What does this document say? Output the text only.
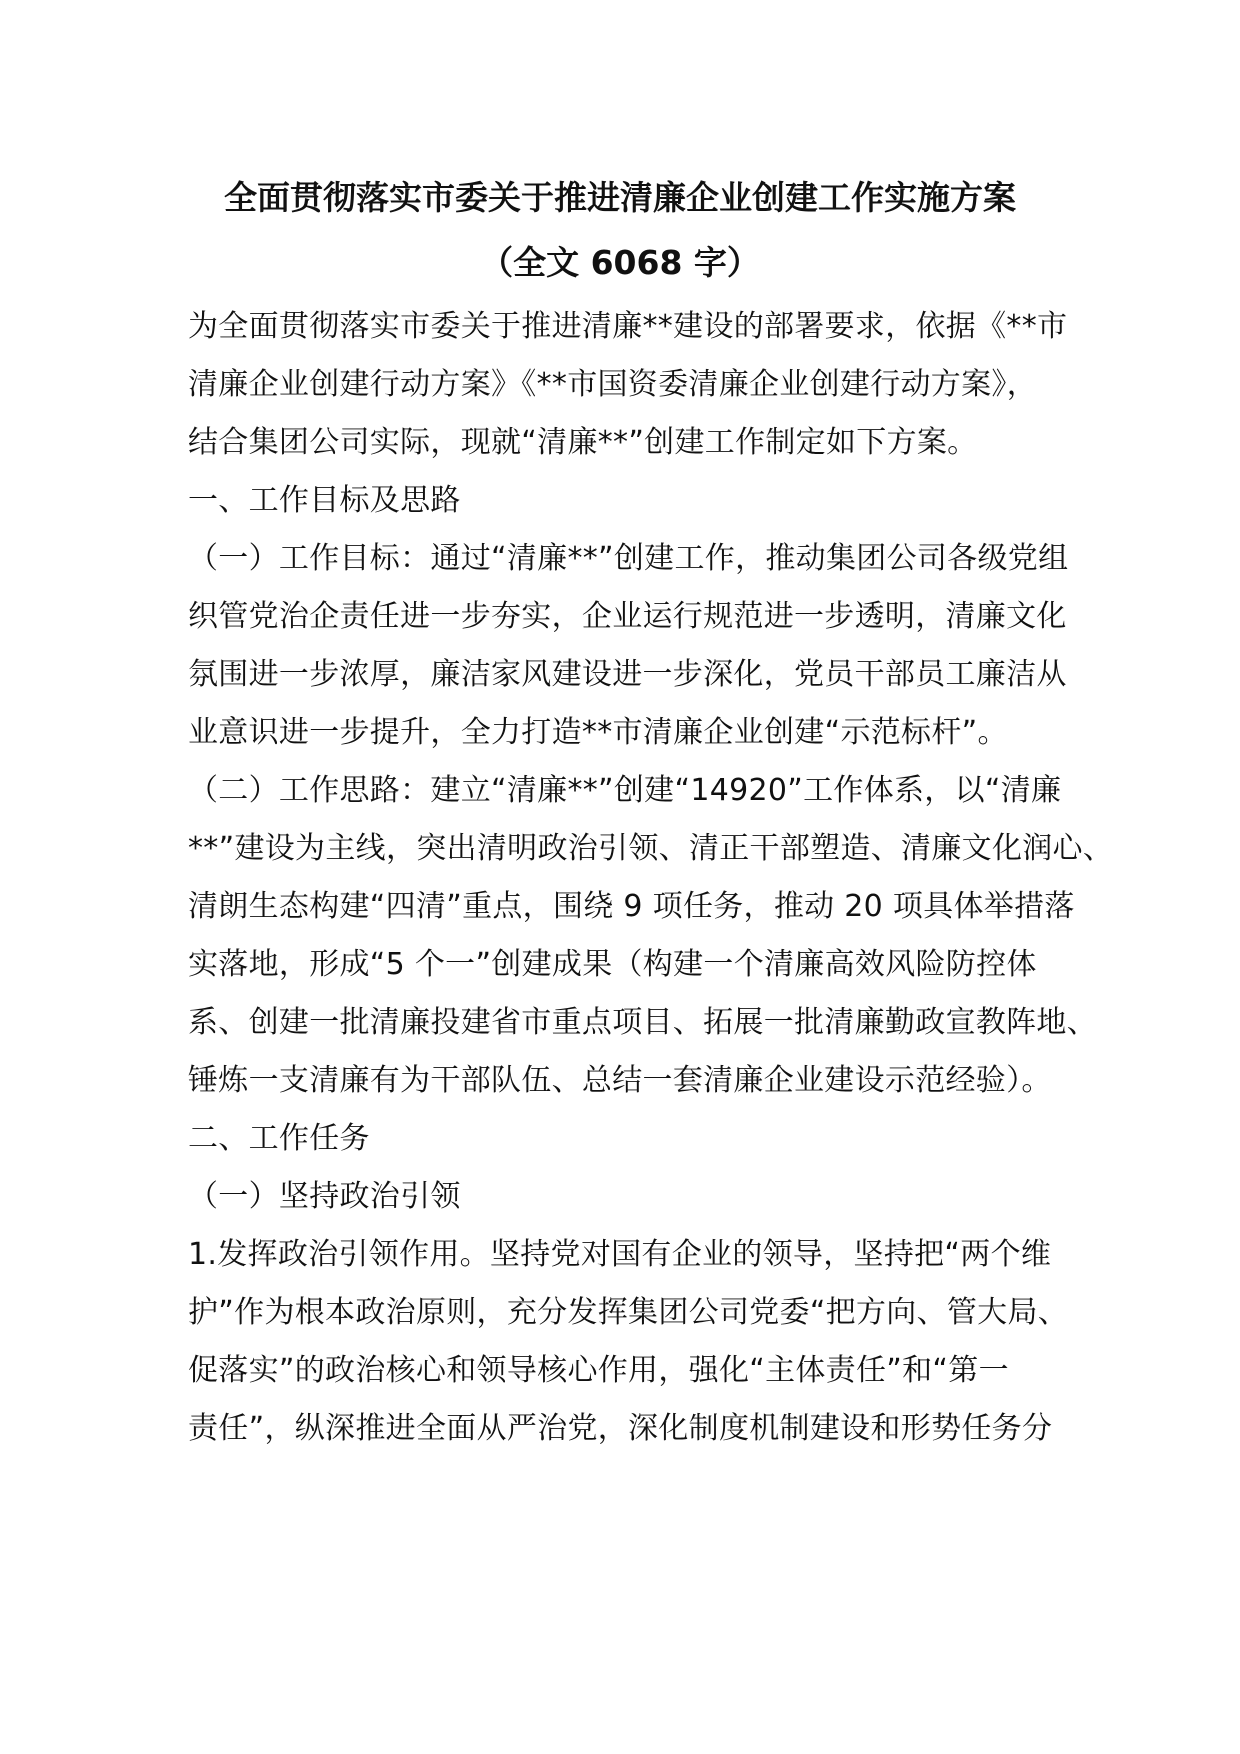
全面贯彻落实市委关于推进清廉企业创建工作实施方案
（全文 6068 字）
为全面贯彻落实市委关于推进清廉**建设的部署要求，依据《**市
清廉企业创建行动方案》《**市国资委清廉企业创建行动方案》，
结合集团公司实际，现就“清廉**”创建工作制定如下方案。
一、工作目标及思路
（一）工作目标：通过“清廉**”创建工作，推动集团公司各级党组
织管党治企责任进一步夯实，企业运行规范进一步透明，清廉文化
氛围进一步浓厚，廉洁家风建设进一步深化，党员干部员工廉洁从
业意识进一步提升，全力打造**市清廉企业创建“示范标杆”。
（二）工作思路：建立“清廉**”创建“14920”工作体系，以“清廉
**”建设为主线，突出清明政治引领、清正干部塑造、清廉文化润心、
清朗生态构建“四清”重点，围绕 9 项任务，推动 20 项具体举措落
实落地，形成“5 个一”创建成果（构建一个清廉高效风险防控体
系、创建一批清廉投建省市重点项目、拓展一批清廉勤政宣教阵地、
锤炼一支清廉有为干部队伍、总结一套清廉企业建设示范经验）。
二、工作任务
（一）坚持政治引领
1.发挥政治引领作用。坚持党对国有企业的领导，坚持把“两个维
护”作为根本政治原则，充分发挥集团公司党委“把方向、管大局、
促落实”的政治核心和领导核心作用，强化“主体责任”和“第一
责任”，纵深推进全面从严治党，深化制度机制建设和形势任务分
